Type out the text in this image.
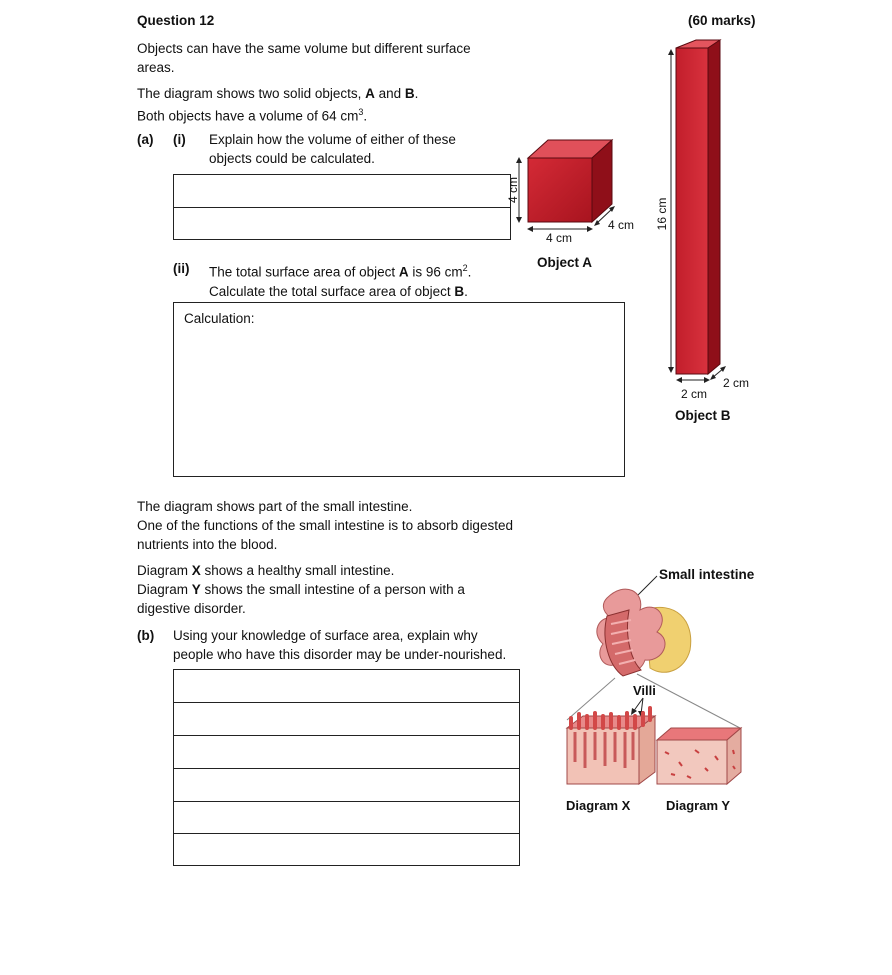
Question 12	(60 marks)
Objects can have the same volume but different surface
areas.
The diagram shows two solid objects, A and B.
Both objects have a volume of 64 $cm^3$.
(a) (i) Explain how the volume of either of these
objects could be calculated.
(ii) The total surface area of object A is 96 $cm^2$.
Calculate the total surface area of object B.
Calculation:
4 cm
4 cm
4 cm
Object A
16 cm
2 cm
2 cm
Object B
The diagram shows part of the small intestine.
One of the functions of the small intestine is to absorb digested
nutrients into the blood.
Diagram X shows a healthy small intestine.
Diagram Y shows the small intestine of a person with a
digestive disorder.
(b) Using your knowledge of surface area, explain why
people who have this disorder may be under-nourished.
Small intestine
Villi
Diagram X	Diagram Y
